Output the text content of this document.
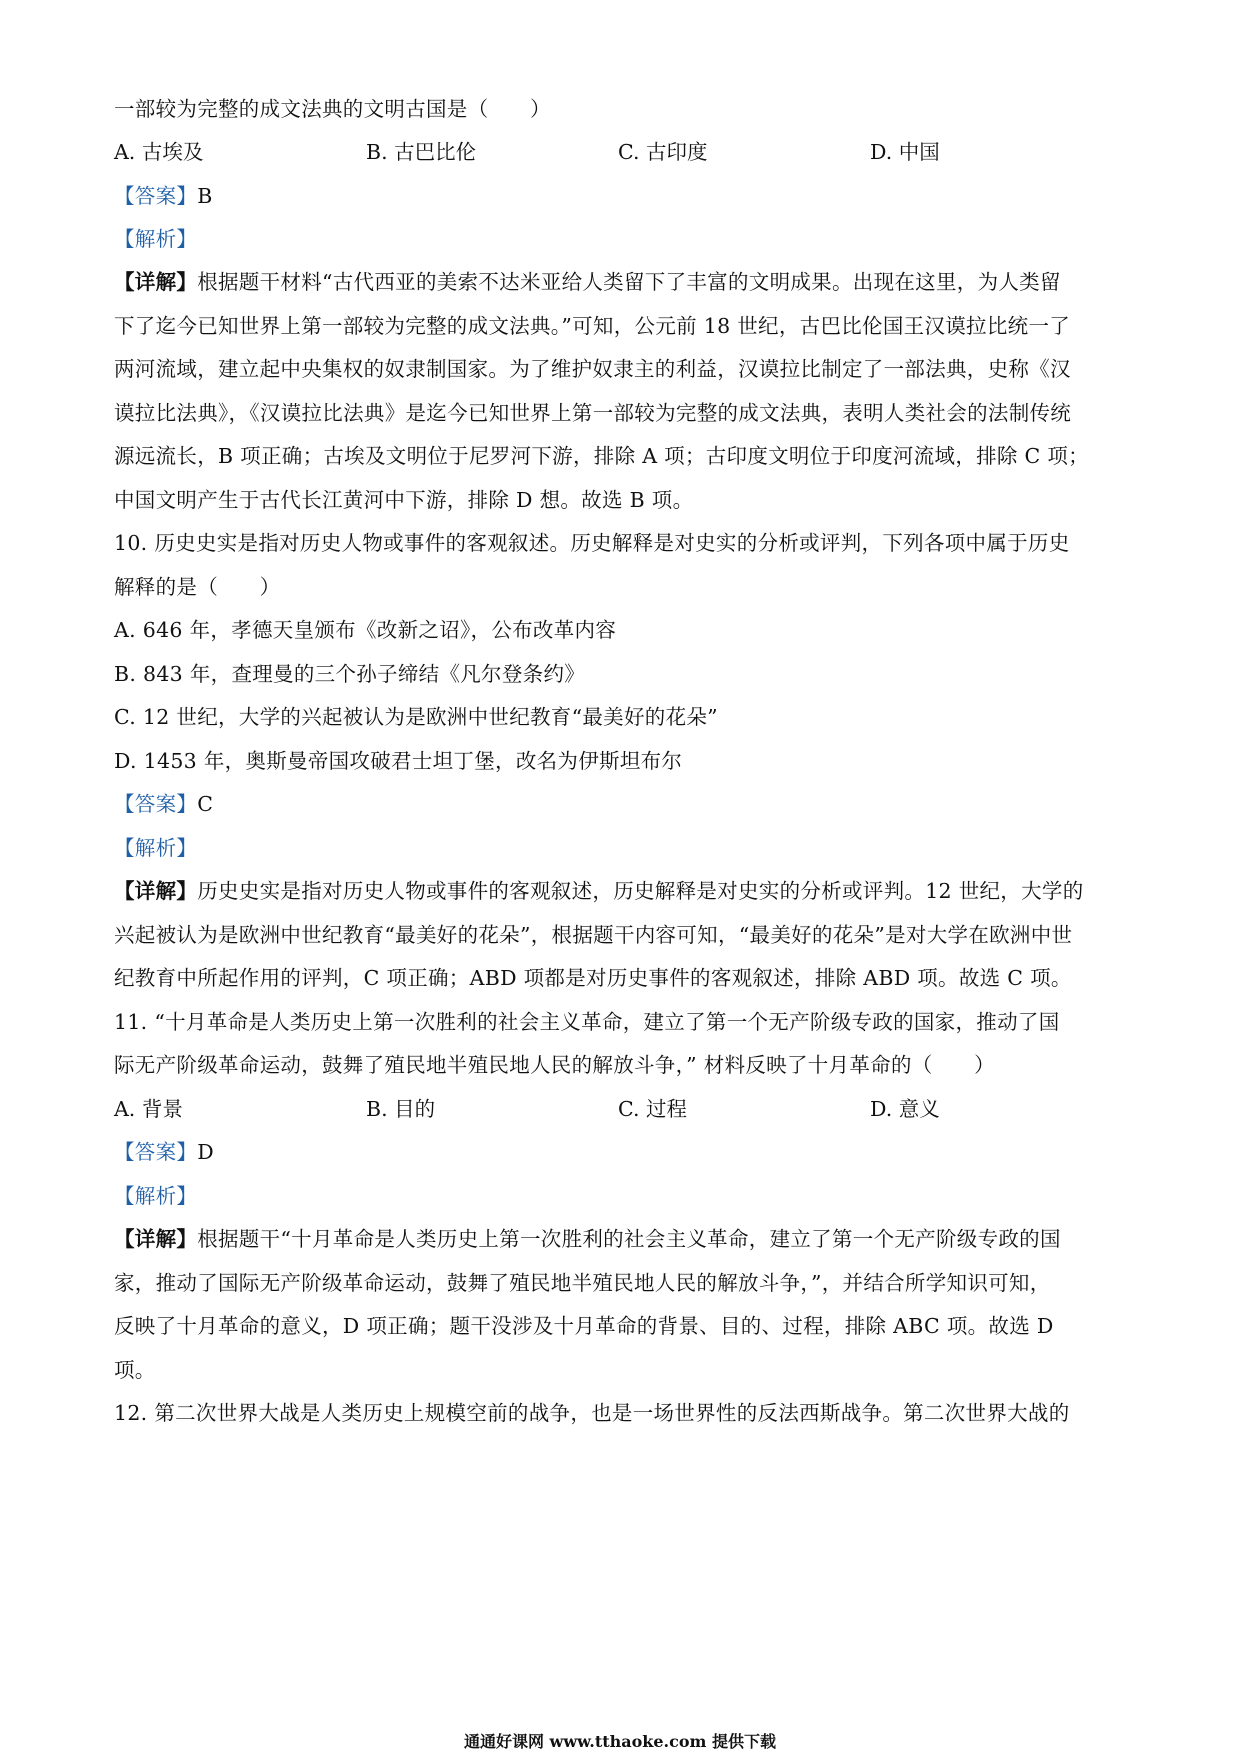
一部较为完整的成文法典的文明古国是（　　）
A. 古埃及	B. 古巴比伦	C. 古印度	D. 中国
【答案】B
【解析】
【详解】根据题干材料“古代西亚的美索不达米亚给人类留下了丰富的文明成果。出现在这里，为人类留
下了迄今已知世界上第一部较为完整的成文法典。”可知，公元前 18 世纪，古巴比伦国王汉谟拉比统一了
两河流域，建立起中央集权的奴隶制国家。为了维护奴隶主的利益，汉谟拉比制定了一部法典，史称《汉
谟拉比法典》，《汉谟拉比法典》是迄今已知世界上第一部较为完整的成文法典，表明人类社会的法制传统
源远流长，B 项正确；古埃及文明位于尼罗河下游，排除 A 项；古印度文明位于印度河流域，排除 C 项；
中国文明产生于古代长江黄河中下游，排除 D 想。故选 B 项。
10. 历史史实是指对历史人物或事件的客观叙述。历史解释是对史实的分析或评判，下列各项中属于历史
解释的是（　　）
A. 646 年，孝德天皇颁布《改新之诏》，公布改革内容
B. 843 年，查理曼的三个孙子缔结《凡尔登条约》
C. 12 世纪，大学的兴起被认为是欧洲中世纪教育“最美好的花朵”
D. 1453 年，奥斯曼帝国攻破君士坦丁堡，改名为伊斯坦布尔
【答案】C
【解析】
【详解】历史史实是指对历史人物或事件的客观叙述，历史解释是对史实的分析或评判。12 世纪，大学的
兴起被认为是欧洲中世纪教育“最美好的花朵”，根据题干内容可知，“最美好的花朵”是对大学在欧洲中世
纪教育中所起作用的评判，C 项正确；ABD 项都是对历史事件的客观叙述，排除 ABD 项。故选 C 项。
11. “十月革命是人类历史上第一次胜利的社会主义革命，建立了第一个无产阶级专政的国家，推动了国
际无产阶级革命运动，鼓舞了殖民地半殖民地人民的解放斗争，” 材料反映了十月革命的（　　）
A. 背景	B. 目的	C. 过程	D. 意义
【答案】D
【解析】
【详解】根据题干“十月革命是人类历史上第一次胜利的社会主义革命，建立了第一个无产阶级专政的国
家，推动了国际无产阶级革命运动，鼓舞了殖民地半殖民地人民的解放斗争，”，并结合所学知识可知，
反映了十月革命的意义，D 项正确；题干没涉及十月革命的背景、目的、过程，排除 ABC 项。故选 D
项。
12. 第二次世界大战是人类历史上规模空前的战争，也是一场世界性的反法西斯战争。第二次世界大战的
通通好课网 www.tthaoke.com 提供下载
